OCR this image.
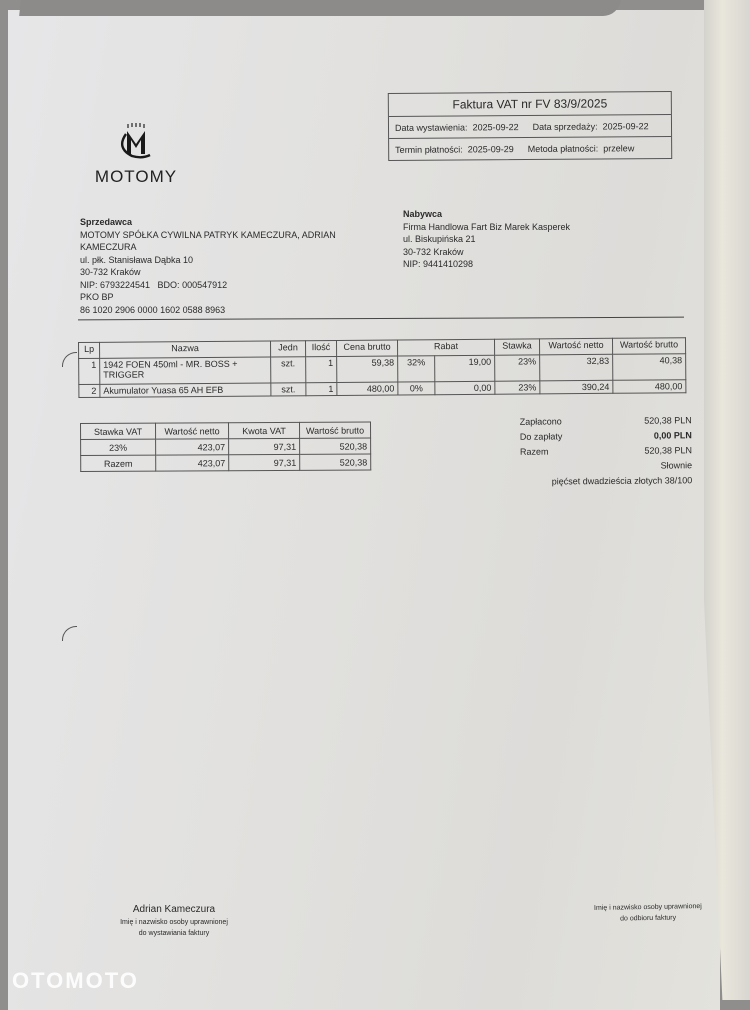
MOTOMY
Faktura VAT nr FV 83/9/2025
Data wystawienia: 2025-09-22 Data sprzedaży: 2025-09-22
Termin płatności: 2025-09-29 Metoda płatności: przelew
Sprzedawca
MOTOMY SPÓŁKA CYWILNA PATRYK KAMECZURA, ADRIAN
KAMECZURA
ul. płk. Stanisława Dąbka 10
30-732 Kraków
NIP: 6793224541   BDO: 000547912
PKO BP
86 1020 2906 0000 1602 0588 8963
Nabywca
Firma Handlowa Fart Biz Marek Kasperek
ul. Biskupińska 21
30-732 Kraków
NIP: 9441410298
Lp	Nazwa	Jedn	Ilość	Cena brutto	Rabat		Stawka	Wartość netto	Wartość brutto
1	1942 FOEN 450ml - MR. BOSS +
TRIGGER	szt.	1	59,38	32%	19,00	23%	32,83	40,38
2	Akumulator Yuasa 65 AH EFB	szt.	1	480,00	0%	0,00	23%	390,24	480,00
Stawka VAT	Wartość netto	Kwota VAT	Wartość brutto
23%	423,07	97,31	520,38
Razem	423,07	97,31	520,38
Zapłacono	520,38 PLN
Do zapłaty	0,00 PLN
Razem	520,38 PLN
Słownie
pięćset dwadzieścia złotych 38/100
Adrian Kameczura
Imię i nazwisko osoby uprawnionej
do wystawiania faktury
Imię i nazwisko osoby uprawnionej
do odbioru faktury
OTOMOTO
